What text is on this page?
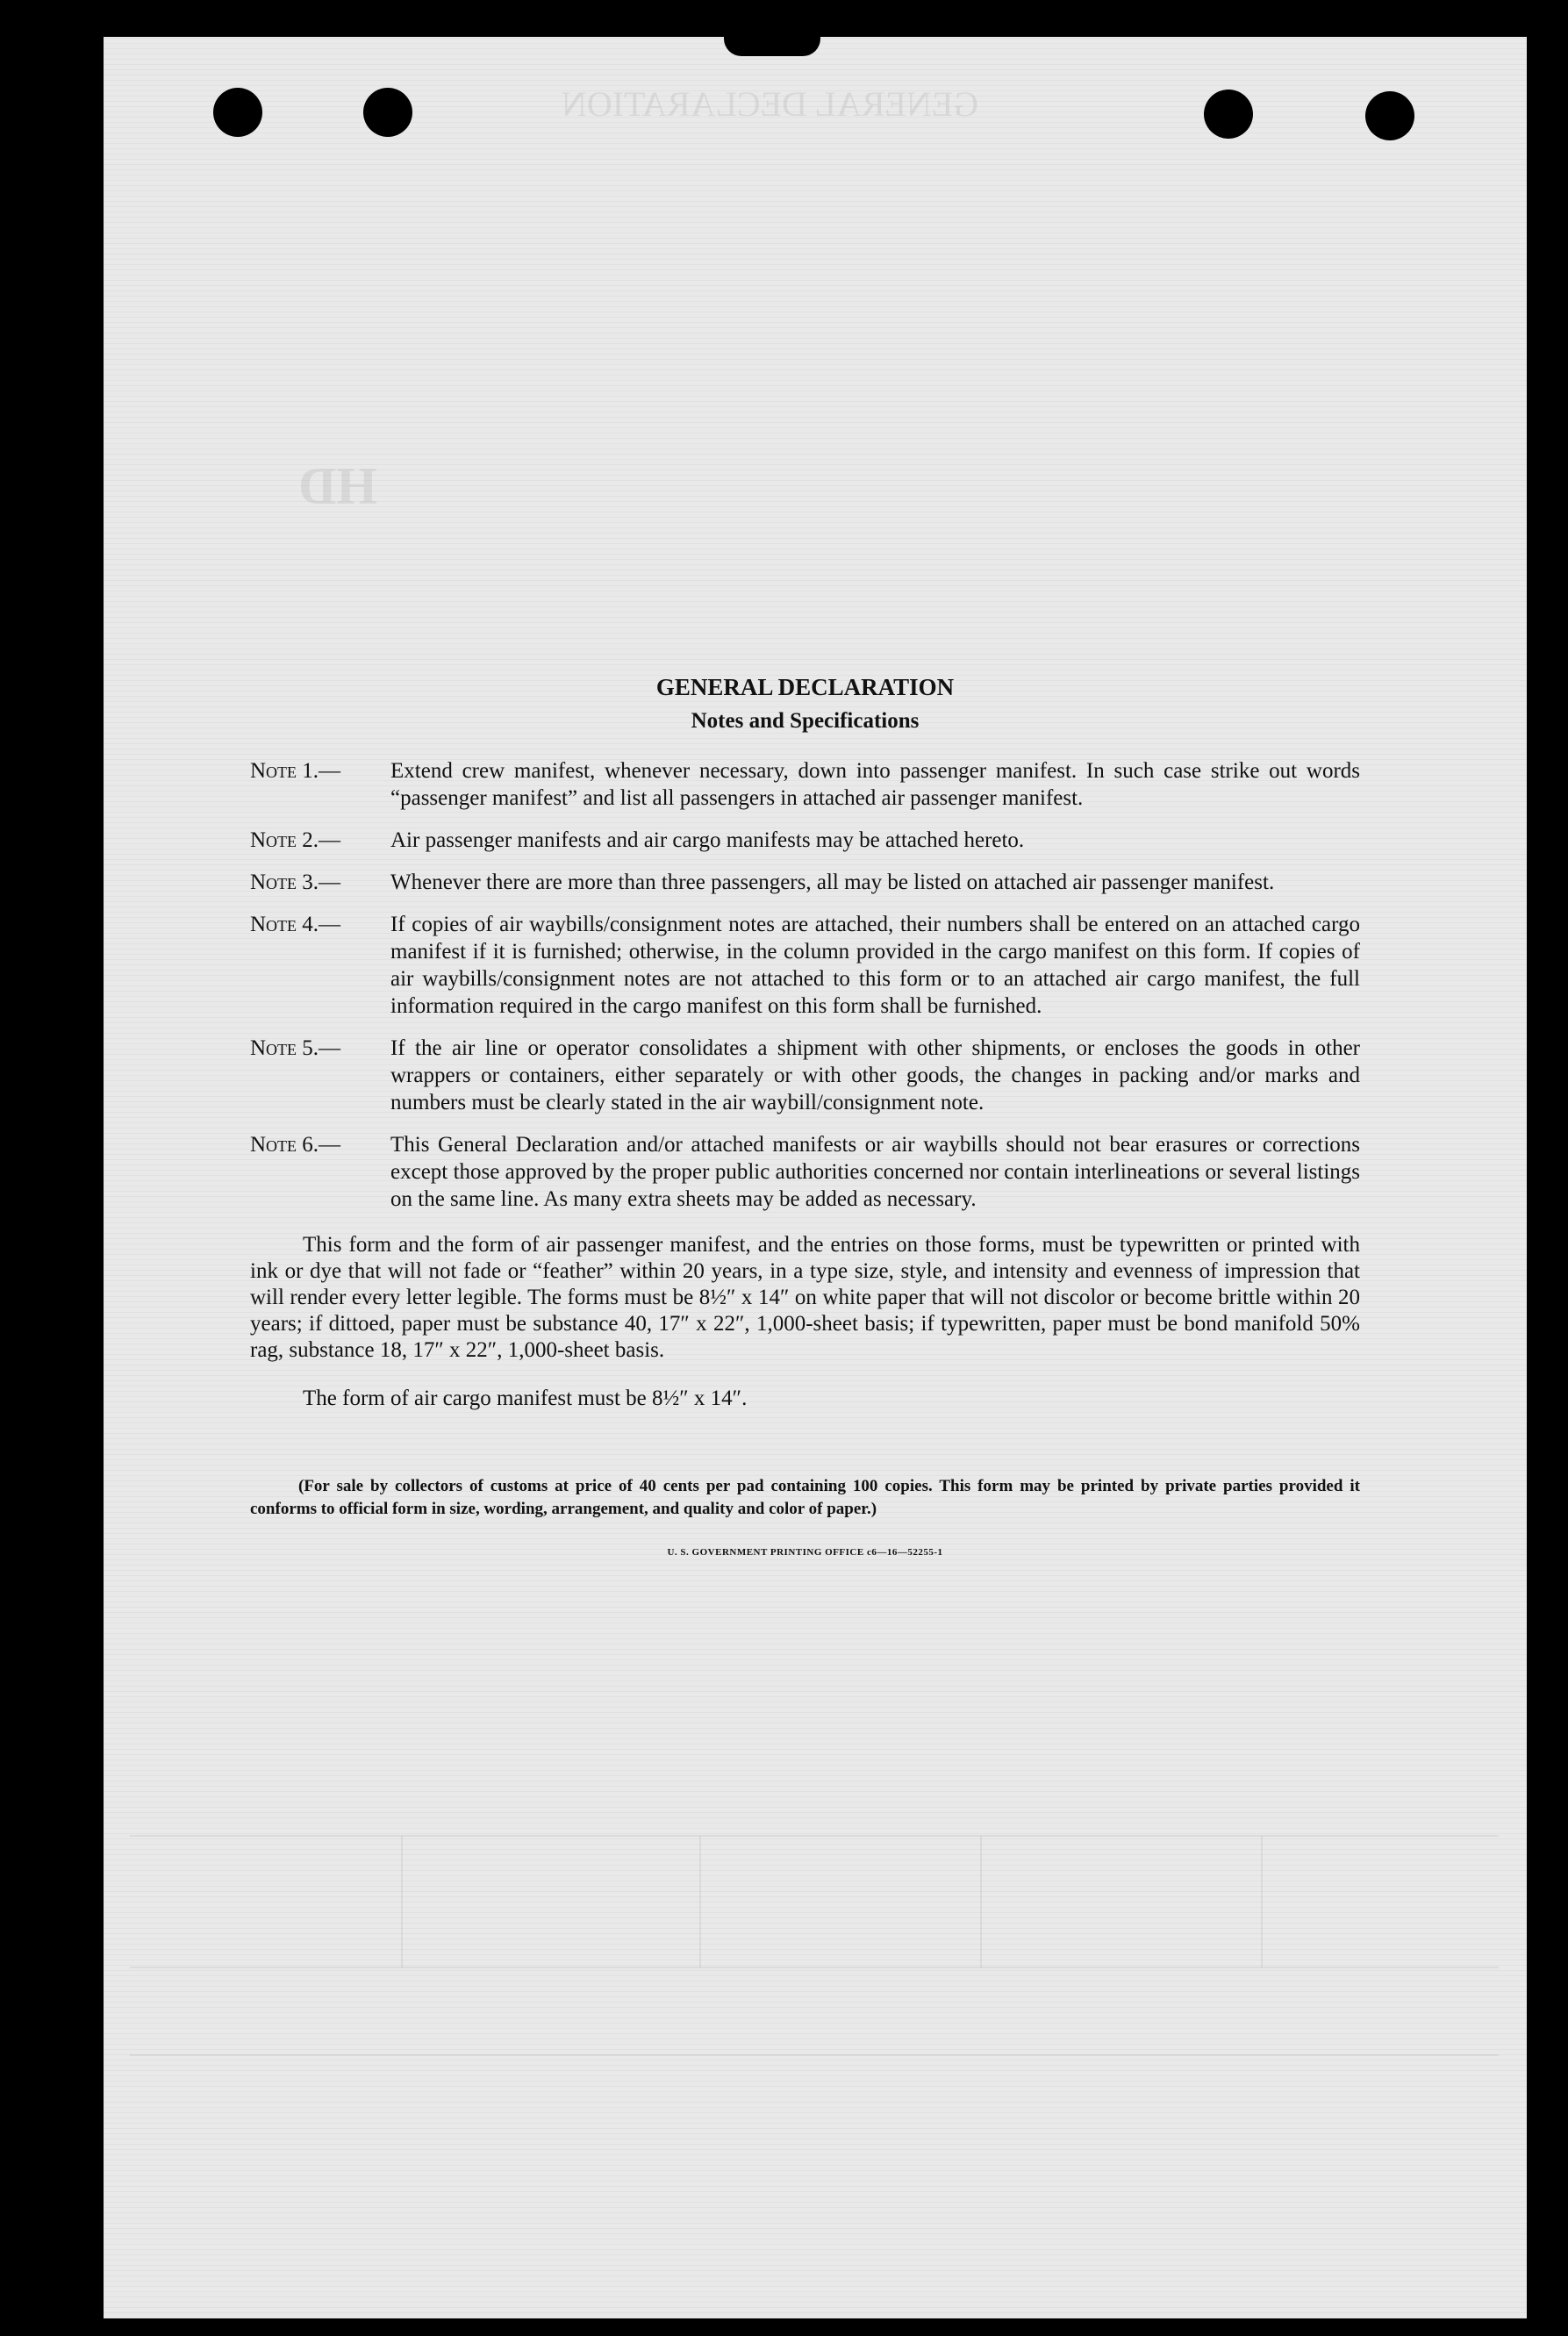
GENERAL DECLARATION
HD
GENERAL DECLARATION
Notes and Specifications
Note 1.— Extend crew manifest, whenever necessary, down into passenger manifest. In such case strike out words “passenger manifest” and list all passengers in attached air passenger manifest.
Note 2.— Air passenger manifests and air cargo manifests may be attached hereto.
Note 3.— Whenever there are more than three passengers, all may be listed on attached air passenger manifest.
Note 4.— If copies of air waybills/consignment notes are attached, their numbers shall be entered on an attached cargo manifest if it is furnished; otherwise, in the column provided in the cargo manifest on this form. If copies of air waybills/consignment notes are not attached to this form or to an attached air cargo manifest, the full information required in the cargo manifest on this form shall be furnished.
Note 5.— If the air line or operator consolidates a shipment with other shipments, or encloses the goods in other wrappers or containers, either separately or with other goods, the changes in packing and/or marks and numbers must be clearly stated in the air waybill/consignment note.
Note 6.— This General Declaration and/or attached manifests or air waybills should not bear erasures or corrections except those approved by the proper public authorities concerned nor contain interlineations or several listings on the same line. As many extra sheets may be added as necessary.

This form and the form of air passenger manifest, and the entries on those forms, must be typewritten or printed with ink or dye that will not fade or “feather” within 20 years, in a type size, style, and intensity and evenness of impression that will render every letter legible. The forms must be 8½″ x 14″ on white paper that will not discolor or become brittle within 20 years; if dittoed, paper must be substance 40, 17″ x 22″, 1,000-sheet basis; if typewritten, paper must be bond manifold 50% rag, substance 18, 17″ x 22″, 1,000-sheet basis.

The form of air cargo manifest must be 8½″ x 14″.

(For sale by collectors of customs at price of 40 cents per pad containing 100 copies. This form may be printed by private parties provided it conforms to official form in size, wording, arrangement, and quality and color of paper.)

U. S. GOVERNMENT PRINTING OFFICE c6—16—52255-1
